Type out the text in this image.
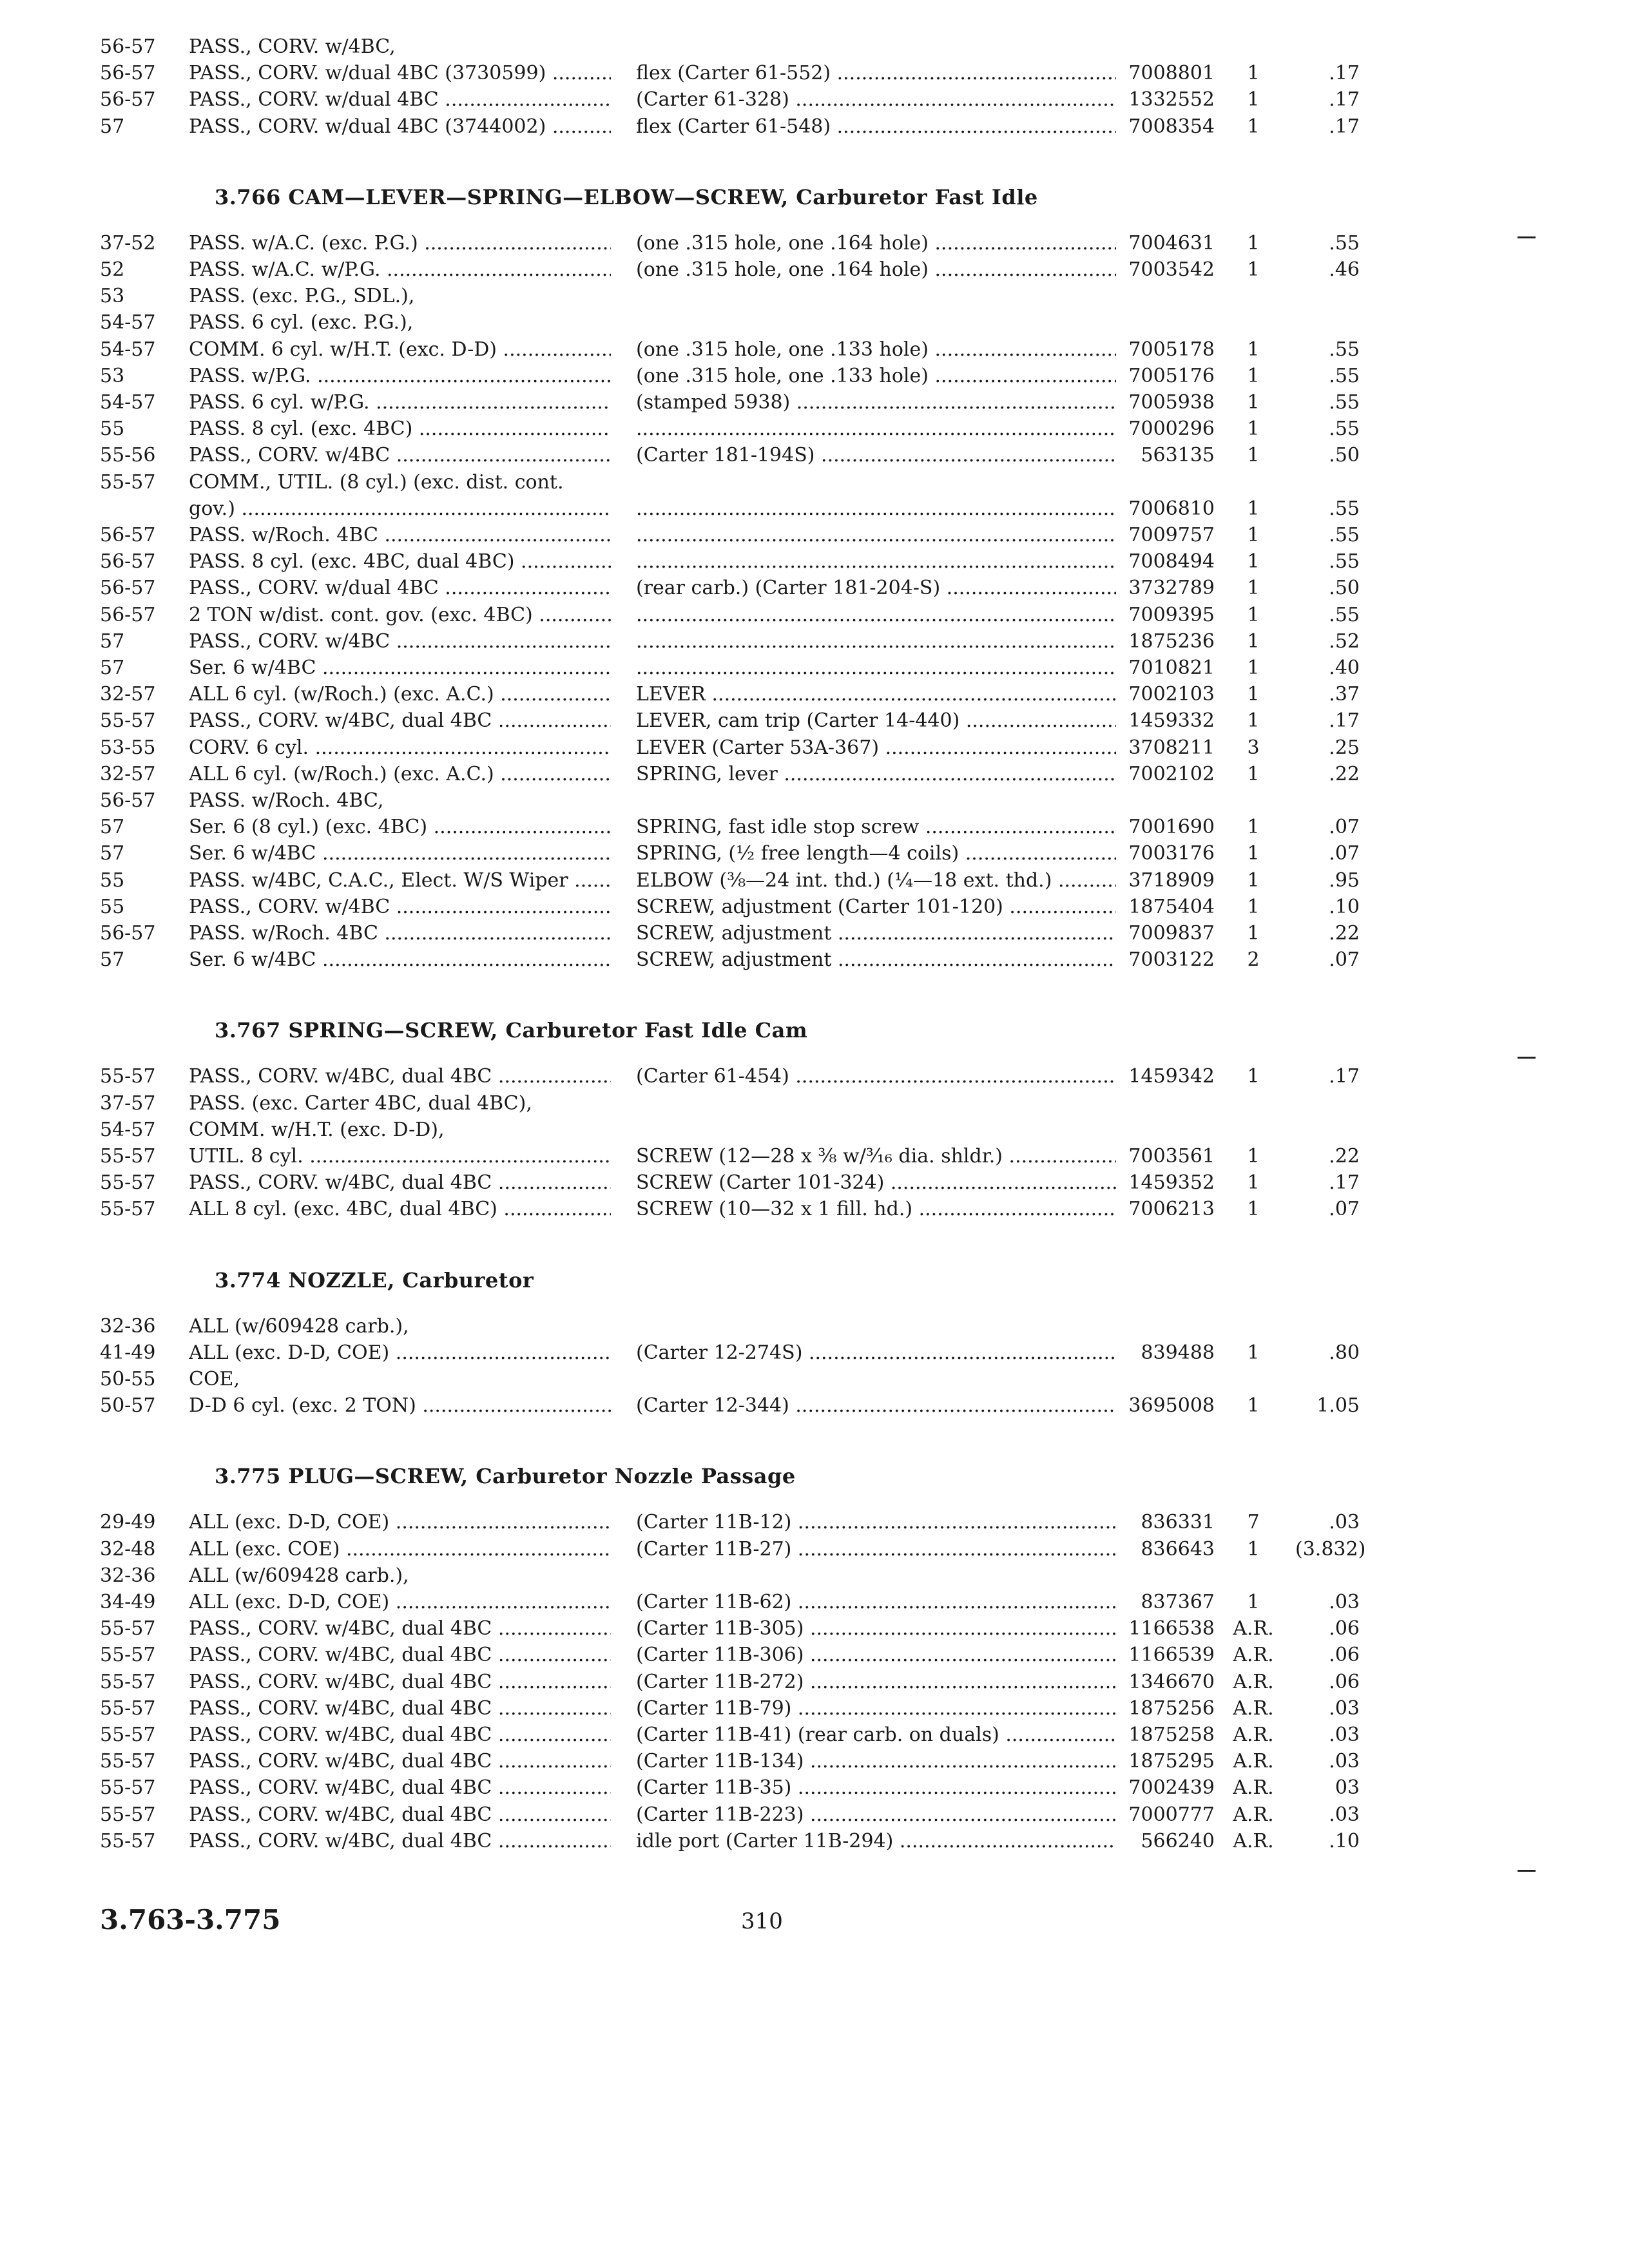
56-57 PASS., CORV. w/4BC,
56-57 PASS., CORV. w/dual 4BC (3730599) .....	flex (Carter 61-552) .....	7008801	1	.17
56-57 PASS., CORV. w/dual 4BC .....	(Carter 61-328) .....	1332552	1	.17
57	PASS., CORV. w/dual 4BC (3744002) .....	flex (Carter 61-548) .....	7008354	1	.17
3.766 CAM—LEVER—SPRING—ELBOW—SCREW, Carburetor Fast Idle
37-52 PASS. w/A.C. (exc. P.G.) .....	(one .315 hole, one .164 hole) .....	7004631	1	.55
52	PASS. w/A.C. w/P.G. .....	(one .315 hole, one .164 hole) .....	7003542	1	.46
53	PASS. (exc. P.G., SDL.),
54-57 PASS. 6 cyl. (exc. P.G.),
54-57 COMM. 6 cyl. w/H.T. (exc. D-D) .....	(one .315 hole, one .133 hole) .....	7005178	1	.55
53	PASS. w/P.G. .....	(one .315 hole, one .133 hole) .....	7005176	1	.55
54-57 PASS. 6 cyl. w/P.G. .....	(stamped 5938) .....	7005938	1	.55
55	PASS. 8 cyl. (exc. 4BC) ..... .....	7000296	1	.55
55-56 PASS., CORV. w/4BC .....	(Carter 181-194S) .....	563135	1	.50
55-57 COMM., UTIL. (8 cyl.) (exc. dist. cont.
gov.) ..... .....	7006810	1	.55
56-57 PASS. w/Roch. 4BC ..... .....	7009757	1	.55
56-57 PASS. 8 cyl. (exc. 4BC, dual 4BC) ..... .....	7008494	1	.55
56-57 PASS., CORV. w/dual 4BC .....	(rear carb.) (Carter 181-204-S) .....	3732789	1	.50
56-57 2 TON w/dist. cont. gov. (exc. 4BC) ..... .....	7009395	1	.55
57	PASS., CORV. w/4BC ..... .....	1875236	1	.52
57	Ser. 6 w/4BC ..... .....	7010821	1	.40
32-57 ALL 6 cyl. (w/Roch.) (exc. A.C.) .....	LEVER .....	7002103	1	.37
55-57 PASS., CORV. w/4BC, dual 4BC .....	LEVER, cam trip (Carter 14-440) .....	1459332	1	.17
53-55 CORV. 6 cyl. .....	LEVER (Carter 53A-367) .....	3708211	3	.25
32-57 ALL 6 cyl. (w/Roch.) (exc. A.C.) .....	SPRING, lever .....	7002102	1	.22
56-57 PASS. w/Roch. 4BC,
57	Ser. 6 (8 cyl.) (exc. 4BC) .....	SPRING, fast idle stop screw .....	7001690	1	.07
57	Ser. 6 w/4BC .....	SPRING, (½ free length—4 coils) .....	7003176	1	.07
55	PASS. w/4BC, C.A.C., Elect. W/S Wiper .....	ELBOW (⅜—24 int. thd.) (¼—18 ext. thd.) .....	3718909	1	.95
55	PASS., CORV. w/4BC .....	SCREW, adjustment (Carter 101-120) .....	1875404	1	.10
56-57 PASS. w/Roch. 4BC .....	SCREW, adjustment .....	7009837	1	.22
57	Ser. 6 w/4BC .....	SCREW, adjustment .....	7003122	2	.07
3.767 SPRING—SCREW, Carburetor Fast Idle Cam
55-57 PASS., CORV. w/4BC, dual 4BC .....	(Carter 61-454) .....	1459342	1	.17
37-57 PASS. (exc. Carter 4BC, dual 4BC),
54-57 COMM. w/H.T. (exc. D-D),
55-57 UTIL. 8 cyl. .....	SCREW (12—28 x ⅜ w/³⁄₁₆ dia. shldr.) .....	7003561	1	.22
55-57 PASS., CORV. w/4BC, dual 4BC .....	SCREW (Carter 101-324) .....	1459352	1	.17
55-57 ALL 8 cyl. (exc. 4BC, dual 4BC) .....	SCREW (10—32 x 1 fill. hd.) .....	7006213	1	.07
3.774 NOZZLE, Carburetor
32-36 ALL (w/609428 carb.),
41-49 ALL (exc. D-D, COE) .....	(Carter 12-274S) .....	839488	1	.80
50-55 COE,
50-57 D-D 6 cyl. (exc. 2 TON) .....	(Carter 12-344) .....	3695008	1	1.05
3.775 PLUG—SCREW, Carburetor Nozzle Passage
29-49 ALL (exc. D-D, COE) .....	(Carter 11B-12) .....	836331	7	.03
32-48 ALL (exc. COE) .....	(Carter 11B-27) .....	836643	1	(3.832)
32-36 ALL (w/609428 carb.),
34-49 ALL (exc. D-D, COE) .....	(Carter 11B-62) .....	837367	1	.03
55-57 PASS., CORV. w/4BC, dual 4BC .....	(Carter 11B-305) .....	1166538 A.R.	.06
55-57 PASS., CORV. w/4BC, dual 4BC .....	(Carter 11B-306) .....	1166539 A.R.	.06
55-57 PASS., CORV. w/4BC, dual 4BC .....	(Carter 11B-272) .....	1346670 A.R.	.06
55-57 PASS., CORV. w/4BC, dual 4BC .....	(Carter 11B-79) .....	1875256 A.R.	.03
55-57 PASS., CORV. w/4BC, dual 4BC .....	(Carter 11B-41) (rear carb. on duals) .....	1875258 A.R.	.03
55-57 PASS., CORV. w/4BC, dual 4BC .....	(Carter 11B-134) .....	1875295 A.R.	.03
55-57 PASS., CORV. w/4BC, dual 4BC .....	(Carter 11B-35) .....	7002439 A.R.	03
55-57 PASS., CORV. w/4BC, dual 4BC .....	(Carter 11B-223) .....	7000777 A.R.	.03
55-57 PASS., CORV. w/4BC, dual 4BC .....	idle port (Carter 11B-294) .....	566240 A.R.	.10
3.763-3.775	310
